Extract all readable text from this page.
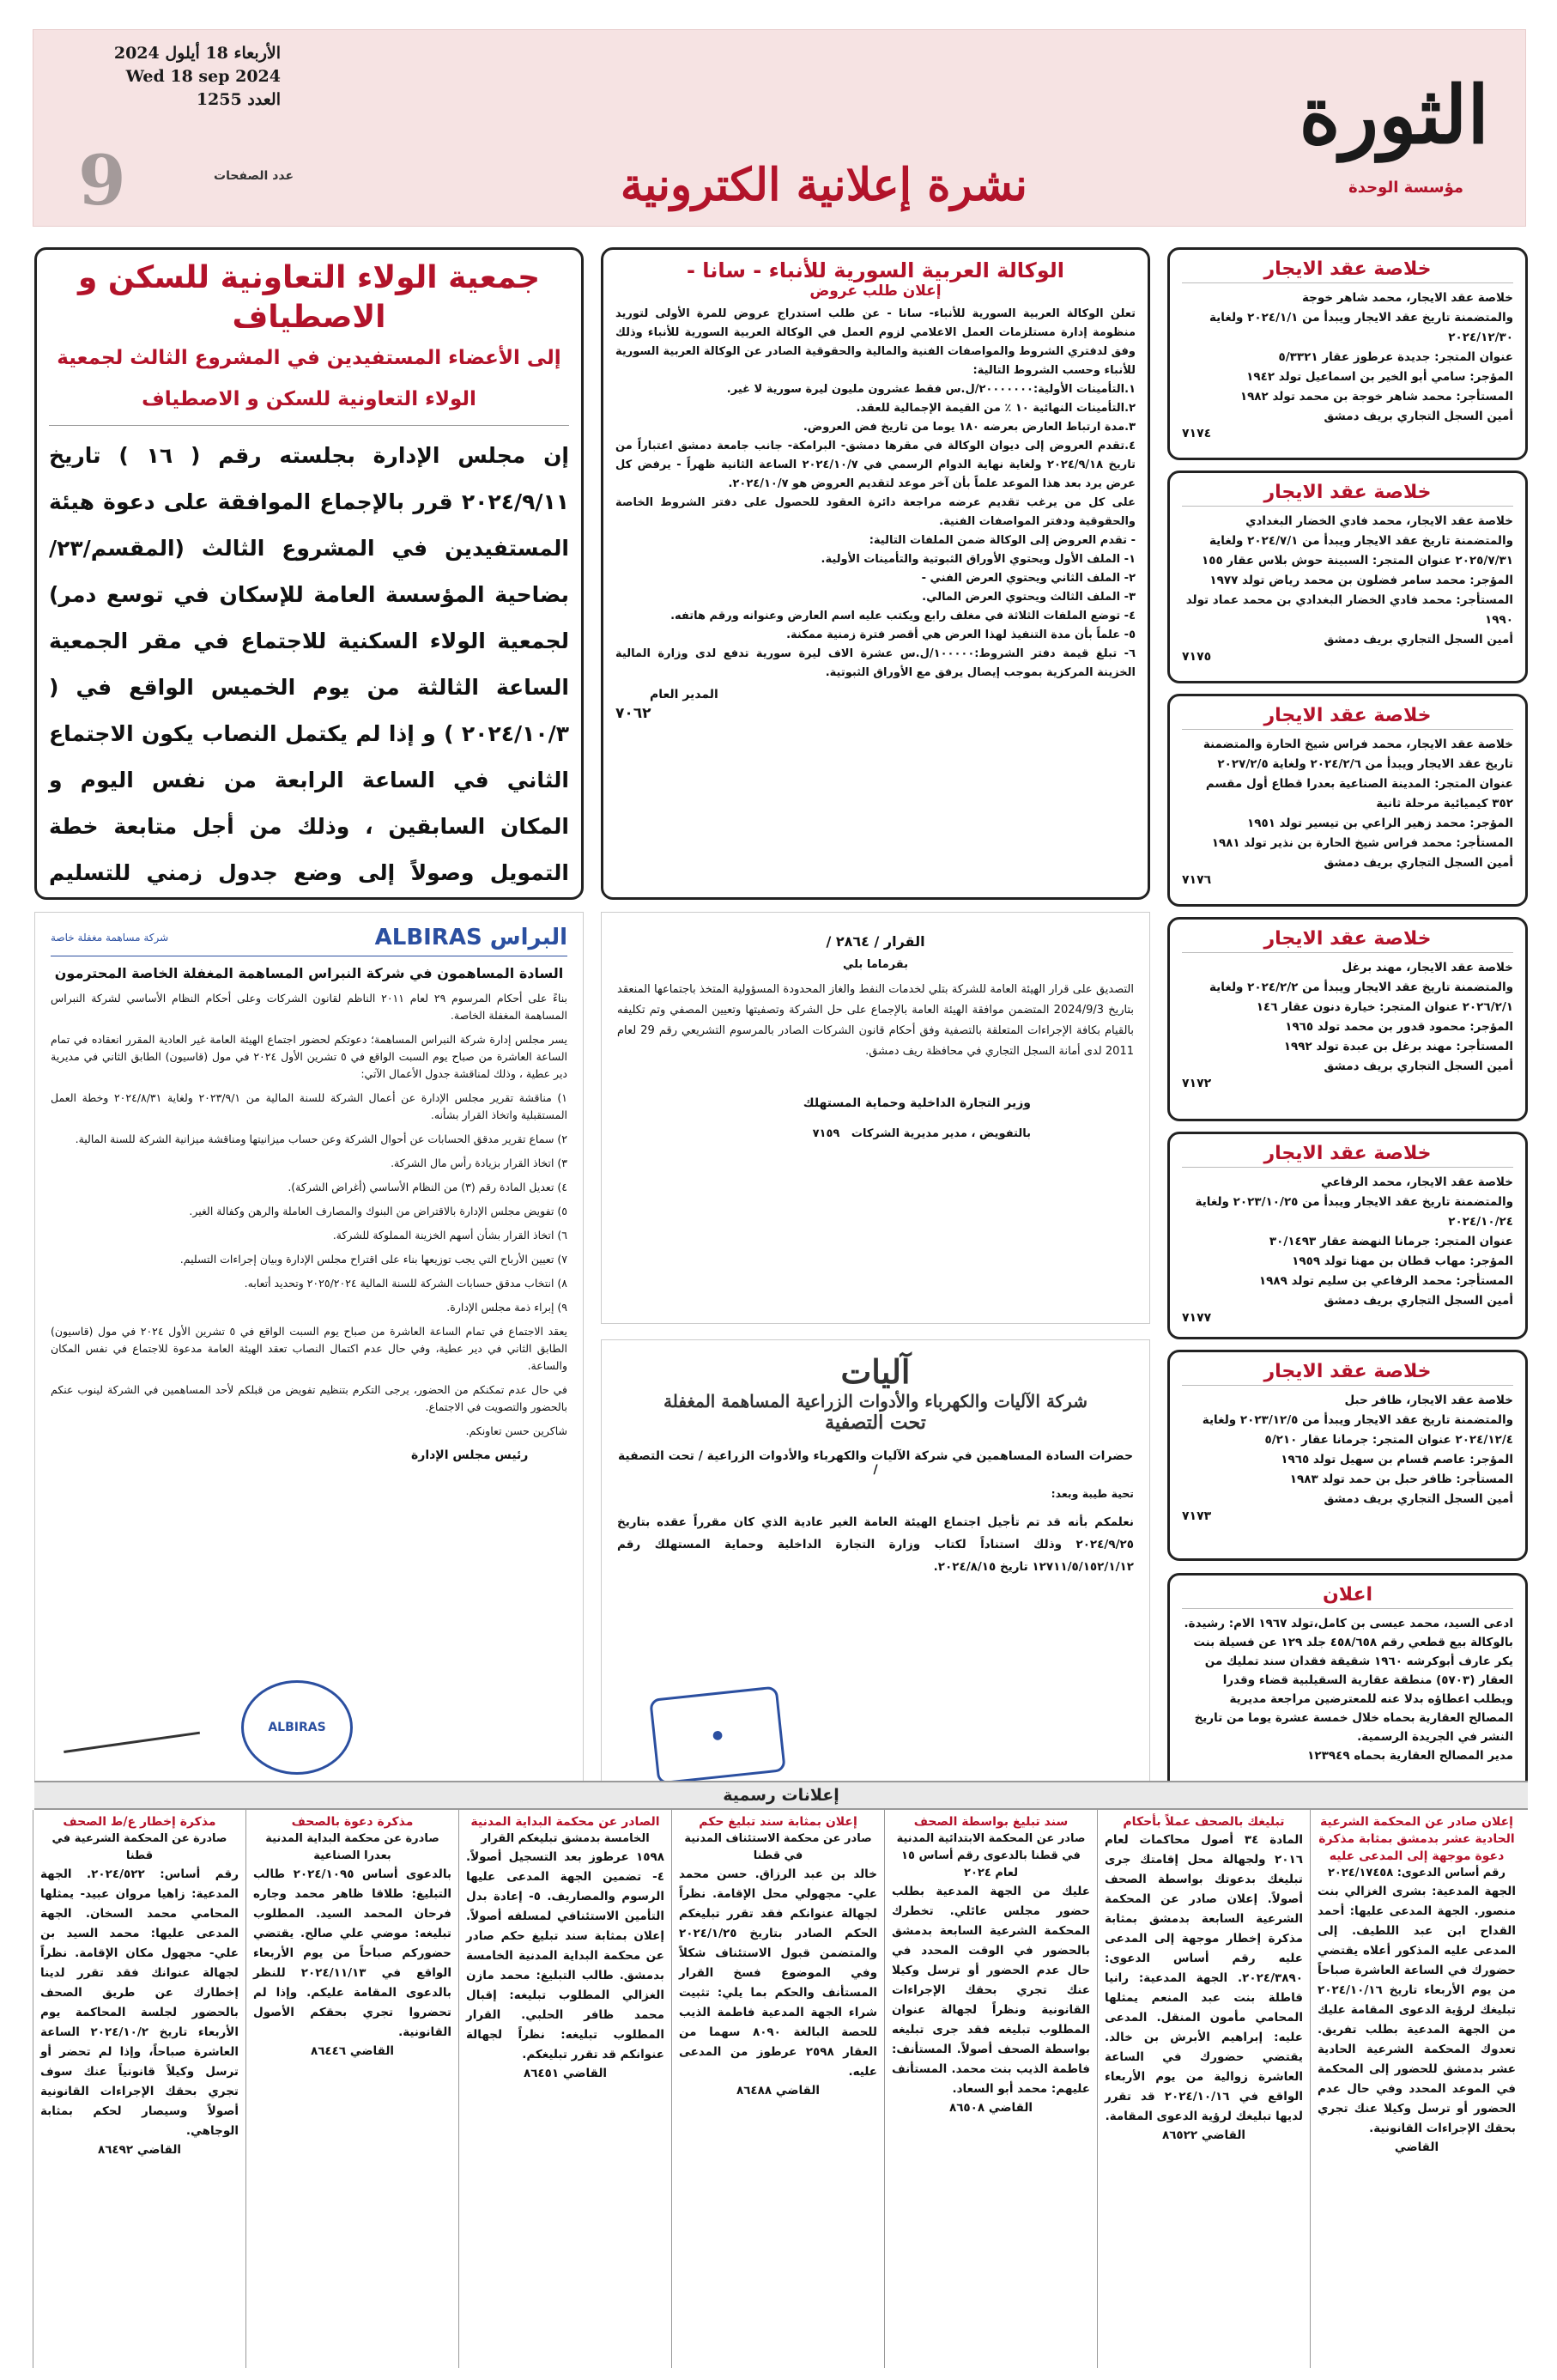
الثورة
مؤسسة الوحدة
نشرة إعلانية الكترونية
عدد الصفحات
9
الأربعاء 18 أيلول 2024
Wed 18 sep 2024
العدد 1255
جمعية الولاء التعاونية للسكن و الاصطياف
إلى الأعضاء المستفيدين في المشروع الثالث لجمعية الولاء التعاونية للسكن و الاصطياف
إن مجلس الإدارة بجلسته رقم ( ١٦ ) تاريخ ٢٠٢٤/٩/١١ قرر بالإجماع الموافقة على دعوة هيئة المستفيدين في المشروع الثالث (المقسم/٢٣/بضاحية المؤسسة العامة للإسكان في توسع دمر) لجمعية الولاء السكنية للاجتماع في مقر الجمعية الساعة الثالثة من يوم الخميس الواقع في ( ٢٠٢٤/١٠/٣ ) و إذا لم يكتمل النصاب يكون الاجتماع الثاني في الساعة الرابعة من نفس اليوم و المكان السابقين ، وذلك من أجل متابعة خطة التمويل وصولاً إلى وضع جدول زمني للتسليم
الوكالة العربية السورية للأنباء - سانا -
إعلان طلب عروض
تعلن الوكالة العربية السورية للأنباء- سانا - عن طلب استدراج عروض للمرة الأولى لتوريد منظومة إدارة مستلزمات العمل الاعلامي لزوم العمل في الوكالة العربية السورية للأنباء وذلك وفق لدفتري الشروط والمواصفات الفنية والمالية والحقوقية الصادر عن الوكالة العربية السورية للأنباء وحسب الشروط التالية:
١.التأمينات الأولية:٢٠٠٠٠٠٠٠/ل.س فقط عشرون مليون ليرة سورية لا غير.
٢.التأمينات النهائية ١٠ ٪ من القيمة الإجمالية للعقد.
٣.مدة ارتباط العارض بعرضه ١٨٠ يوما من تاريخ فض العروض.
٤.تقدم العروض إلى ديوان الوكالة في مقرها دمشق- البرامكة- جانب جامعة دمشق اعتباراً من تاريخ ٢٠٢٤/٩/١٨ ولغاية نهاية الدوام الرسمي في ٢٠٢٤/١٠/٧ الساعة الثانية ظهراً - يرفض كل عرض يرد بعد هذا الموعد علماً بأن آخر موعد لتقديم العروض هو ٢٠٢٤/١٠/٧.
على كل من يرغب تقديم عرضه مراجعة دائرة العقود للحصول على دفتر الشروط الخاصة والحقوقية ودفتر المواصفات الفنية.
- تقدم العروض إلى الوكالة ضمن الملفات التالية:
١- الملف الأول ويحتوي الأوراق الثبوتية والتأمينات الأولية.
٢- الملف الثاني ويحتوي العرض الفني -
٣- الملف الثالث ويحتوي العرض المالي.
٤- توضع الملفات الثلاثة في مغلف رابع ويكتب عليه اسم العارض وعنوانه ورقم هاتفه.
٥- علماً بأن مدة التنفيذ لهذا العرض هي أقصر فترة زمنية ممكنة.
٦- تبلغ قيمة دفتر الشروط:١٠٠٠٠٠/ل.س عشرة الاف ليرة سورية تدفع لدى وزارة المالية الخزينة المركزية بموجب إيصال يرفق مع الأوراق الثبوتية.
المدير العام
٧٠٦٢
خلاصة عقد الايجار
خلاصة عقد الايجار، محمد شاهر خوجة
والمتضمنة تاريخ عقد الايجار ويبدأ من ٢٠٢٤/١/١ ولغاية ٢٠٢٤/١٢/٣٠
عنوان المتجر: جديدة عرطوز عقار ٥/٣٣٢١
المؤجر: سامي أبو الخير بن اسماعيل تولد ١٩٤٢
المستأجر: محمد شاهر خوجة بن محمد تولد ١٩٨٢
أمين السجل التجاري بريف دمشق
٧١٧٤
خلاصة عقد الايجار
خلاصة عقد الايجار، محمد فادي الخضار البغدادي
والمتضمنة تاريخ عقد الايجار ويبدأ من ٢٠٢٤/٧/١ ولغاية ٢٠٢٥/٧/٣١ عنوان المتجر: السبينة حوش بلاس عقار ١٥٥
المؤجر: محمد سامر فضلون بن محمد رياض تولد ١٩٧٧
المستأجر: محمد فادي الخضار البغدادي بن محمد عماد تولد ١٩٩٠
أمين السجل التجاري بريف دمشق
٧١٧٥
خلاصة عقد الايجار
خلاصة عقد الايجار، محمد فراس شيخ الحارة والمتضمنة تاريخ عقد الايجار ويبدأ من ٢٠٢٤/٢/٦ ولغاية ٢٠٢٧/٢/٥
عنوان المتجر: المدينة الصناعية بعدرا قطاع أول مقسم ٣٥٢ كيميائية مرحلة ثانية
المؤجر: محمد زهير الراعي بن تيسير تولد ١٩٥١
المستأجر: محمد فراس شيخ الحارة بن نذير تولد ١٩٨١
أمين السجل التجاري بريف دمشق
٧١٧٦
خلاصة عقد الايجار
خلاصة عقد الايجار، مهند برغل
والمتضمنة تاريخ عقد الايجار ويبدأ من ٢٠٢٤/٢/٢ ولغاية ٢٠٢٦/٢/١ عنوان المتجر: خيارة دنون عقار ١٤٦
المؤجر: محمود قدور بن محمد تولد ١٩٦٥
المستأجر: مهند برغل بن عبدة تولد ١٩٩٢
أمين السجل التجاري بريف دمشق
٧١٧٢
خلاصة عقد الايجار
خلاصة عقد الايجار، محمد الرفاعي
والمتضمنة تاريخ عقد الايجار ويبدأ من ٢٠٢٣/١٠/٢٥ ولغاية ٢٠٢٤/١٠/٢٤
عنوان المتجر: جرمانا النهضة عقار ٣٠/١٤٩٣
المؤجر: مهاب قطان بن مهنا تولد ١٩٥٩
المستأجر: محمد الرفاعي بن سليم تولد ١٩٨٩
أمين السجل التجاري بريف دمشق
٧١٧٧
خلاصة عقد الايجار
خلاصة عقد الايجار، ظافر حبل
والمتضمنة تاريخ عقد الايجار ويبدأ من ٢٠٢٣/١٢/٥ ولغاية ٢٠٢٤/١٢/٤ عنوان المتجر: جرمانا عقار ٥/٢١٠
المؤجر: عاصم قسام بن سهيل تولد ١٩٦٥
المستأجر: ظافر حبل بن حمد تولد ١٩٨٣
أمين السجل التجاري بريف دمشق
٧١٧٣
اعلان
ادعى السيد، محمد عيسى بن كامل،تولد ١٩٦٧ الام: رشيدة. بالوكالة بيع قطعي رقم ٤٥٨/٦٥٨ جلد ١٢٩ عن فسيلة بنت يكر عارف أبوكرشه ١٩٦٠ شقيقة فقدان سند تمليك من العقار (٥٧٠٣) منطقة عقارية السقيلبية قضاء وقدرا ويطلب اعطاؤه بدلا عنه للمعترضين مراجعة مديرية المصالح العقارية بحماه خلال خمسة عشرة يوما من تاريخ النشر في الجريدة الرسمية.
مدير المصالح العقارية بحماه ١٢٣٩٤٩
البراس ALBIRAS
شركة مساهمة مغفلة خاصة
السادة المساهمون في شركة النبراس المساهمة المغفلة الخاصة المحترمون
بناءً على أحكام المرسوم ٢٩ لعام ٢٠١١ الناظم لقانون الشركات وعلى أحكام النظام الأساسي لشركة النبراس المساهمة المغفلة الخاصة.
يسر مجلس إدارة شركة النبراس المساهمة؛ دعوتكم لحضور اجتماع الهيئة العامة غير العادية المقرر انعقاده في تمام الساعة العاشرة من صباح يوم السبت الواقع في ٥ تشرين الأول ٢٠٢٤ في مول (قاسيون) الطابق الثاني في مديرية دير عطية ، وذلك لمناقشة جدول الأعمال الآتي:
١) مناقشة تقرير مجلس الإدارة عن أعمال الشركة للسنة المالية من ٢٠٢٣/٩/١ ولغاية ٢٠٢٤/٨/٣١ وخطة العمل المستقبلية واتخاذ القرار بشأنه.
٢) سماع تقرير مدقق الحسابات عن أحوال الشركة وعن حساب ميزانيتها ومناقشة ميزانية الشركة للسنة المالية.
٣) اتخاذ القرار بزيادة رأس مال الشركة.
٤) تعديل المادة رقم (٣) من النظام الأساسي (أغراض الشركة).
٥) تفويض مجلس الإدارة بالاقتراض من البنوك والمصارف العاملة والرهن وكفالة الغير.
٦) اتخاذ القرار بشأن أسهم الخزينة المملوكة للشركة.
٧) تعيين الأرباح التي يجب توزيعها بناء على اقتراح مجلس الإدارة وبيان إجراءات التسليم.
٨) انتخاب مدقق حسابات الشركة للسنة المالية ٢٠٢٥/٢٠٢٤ وتحديد أتعابه.
٩) إبراء ذمة مجلس الإدارة.
يعقد الاجتماع في تمام الساعة العاشرة من صباح يوم السبت الواقع في ٥ تشرين الأول ٢٠٢٤ في مول (قاسيون) الطابق الثاني في دير عطية، وفي حال عدم اكتمال النصاب تعقد الهيئة العامة مدعوة للاجتماع في نفس المكان والساعة.
في حال عدم تمكنكم من الحضور، يرجى التكرم بتنظيم تفويض من قبلكم لأحد المساهمين في الشركة لينوب عنكم بالحضور والتصويت في الاجتماع.
شاكرين حسن تعاونكم.
رئيس مجلس الإدارة
ALBIRAS
القرار / ٢٨٦٤ /
بقرماما بلي
التصديق على قرار الهيئة العامة للشركة بتلي لخدمات النفط والغاز المحدودة المسؤولية المتخذ باجتماعها المنعقد بتاريخ 2024/9/3 المتضمن موافقة الهيئة العامة بالإجماع على حل الشركة وتصفيتها وتعيين المصفي وتم تكليفه بالقيام بكافة الإجراءات المتعلقة بالتصفية وفق أحكام قانون الشركات الصادر بالمرسوم التشريعي رقم 29 لعام 2011 لدى أمانة السجل التجاري في محافظة ريف دمشق.
وزير التجارة الداخلية وحماية المستهلك
بالتفويض ، مدير مديرية الشركات   ٧١٥٩
آليات
شركة الآليات والكهرباء والأدوات الزراعية المساهمة المغفلة
تحت التصفية
حضرات السادة المساهمين في شركة الآليات والكهرباء والأدوات الزراعية / تحت التصفية /
تحية طيبة وبعد:
نعلمكم بأنه قد تم تأجيل اجتماع الهيئة العامة الغير عادية الذي كان مقرراً عقده بتاريخ ٢٠٢٤/٩/٢٥ وذلك استناداً لكتاب وزارة التجارة الداخلية وحماية المستهلك رقم ١٢٧١١/٥/١٥٢/١/١٢ تاريخ ٢٠٢٤/٨/١٥.
●
إعلانات رسمية
إعلان صادر عن المحكمة الشرعية الحادية عشر بدمشق بمثابة مذكرة دعوة موجهة إلى المدعى عليه
رقم أساس الدعوى: ٢٠٢٤/١٧٤٥٨
الجهة المدعية: بشرى الغزالي بنت منصور. الجهة المدعى عليها: أحمد القداح ابن عبد اللطيف. إلى المدعى عليه المذكور أعلاه يقتضي حضورك في الساعة العاشرة صباحاً من يوم الأربعاء تاريخ ٢٠٢٤/١٠/١٦ تبليغك لرؤية الدعوى المقامة عليك من الجهة المدعية بطلب تفريق. تعدوك المحكمة الشرعية الحادية عشر بدمشق للحضور إلى المحكمة في الموعد المحدد وفي حال عدم الحضور أو ترسل وكيلا عنك تجري بحقك الإجراءات القانونية.
القاضي
تبليغك بالصحف عملاً بأحكام
المادة ٣٤ أصول محاكمات لعام ٢٠١٦ ولجهالة محل إقامتك جرى تبليغك بدعوتك بواسطة الصحف أصولاً. إعلان صادر عن المحكمة الشرعية السابعة بدمشق بمثابة مذكرة إخطار موجهة إلى المدعى عليه رقم أساس الدعوى: ٢٠٢٤/٣٨٩٠. الجهة المدعية: رانيا قاطلة بنت عبد المنعم يمثلها المحامي مأمون المنقل. المدعى عليه: إبراهيم الأبرش بن خالد. يقتضي حضورك في الساعة العاشرة زوالية من يوم الأربعاء الواقع في ٢٠٢٤/١٠/١٦ قد تقرر لديها تبليغك لرؤية الدعوى المقامة.
القاضي ٨٦٥٢٢
سند تبليغ بواسطة الصحف
صادر عن المحكمة الابتدائية المدنية في قطنا بالدعوى رقم أساس ١٥ لعام ٢٠٢٤
عليك من الجهة المدعية بطلب حضور مجلس عائلي. تخطرك المحكمة الشرعية السابعة بدمشق بالحضور في الوقت المحدد في حال عدم الحضور أو ترسل وكيلا عنك تجري بحقك الإجراءات القانونية ونظراً لجهالة عنوان المطلوب تبليغه فقد جرى تبليغه بواسطة الصحف أصولاً. المستأنف: فاطمة الذيب بنت محمد. المستأنف عليهم: محمد أبو السعاد.
القاضي ٨٦٥٠٨
إعلان بمثابة سند تبليغ حكم
صادر عن محكمة الاستئناف المدنية في قطنا
خالد بن عبد الرزاق. حسن محمد علي- مجهولي محل الإقامة. نظراً لجهالة عنوانكم فقد تقرر تبليغكم الحكم الصادر بتاريخ ٢٠٢٤/١/٢٥ والمتضمن قبول الاستئناف شكلاً وفي الموضوع فسخ القرار المستأنف والحكم بما يلي: تثبيت شراء الجهة المدعية فاطمة الذيب للحصة البالغة ٨٠٩٠ سهما من العقار ٢٥٩٨ عرطوز من المدعى عليه.
القاضي ٨٦٤٨٨
الصادر عن محكمة البداية المدنية
الخامسة بدمشق تبليغكم القرار
١٥٩٨ عرطوز بعد التسجيل أصولاً. ٤- تضمين الجهة المدعى عليها الرسوم والمصاريف. ٥- إعادة بدل التأمين الاستئنافي لمسلفه أصولاً. إعلان بمثابة سند تبليغ حكم صادر عن محكمة البداية المدنية الخامسة بدمشق. طالب التبليغ: محمد مازن الغزالي المطلوب تبليغه: إقبال محمد ظافر الحلبي. القرار المطلوب تبليغه: نظراً لجهالة عنوانكم قد تقرر تبليغكم.
القاضي ٨٦٤٥١
مذكرة دعوة بالصحف
صادرة عن محكمة البداية المدنية بعدرا الصناعية
بالدعوى أساس ٢٠٢٤/١٠٩٥ طالب التبليغ: طلاقا ظاهر محمد وجاره فرحان المحمد السيد. المطلوب تبليغه: موضي علي صالح. يقتضي حضوركم صباحاً من يوم الأربعاء الواقع في ٢٠٢٤/١١/١٣ للنظر بالدعوى المقامة عليكم. وإذا لم تحضروا تجري بحقكم الأصول القانونية.
القاضي ٨٦٤٤٦
مذكرة إخطار ع/ط الصحف
صادرة عن المحكمة الشرعية في قطنا
رقم أساس: ٢٠٢٤/٥٢٢. الجهة المدعية: زاهيا مروان عبيد- يمثلها المحامي محمد السخان. الجهة المدعى عليها: محمد السيد بن علي- مجهول مكان الإقامة. نظراً لجهالة عنوانك فقد تقرر لدينا إخطارك عن طريق الصحف بالحضور لجلسة المحاكمة يوم الأربعاء تاريخ ٢٠٢٤/١٠/٢ الساعة العاشرة صباحاً، وإذا لم تحضر أو ترسل وكيلاً قانونياً عنك سوف تجري بحقك الإجراءات القانونية أصولاً وسيصار لحكم بمثابة الوجاهي.
القاضي ٨٦٤٩٢
